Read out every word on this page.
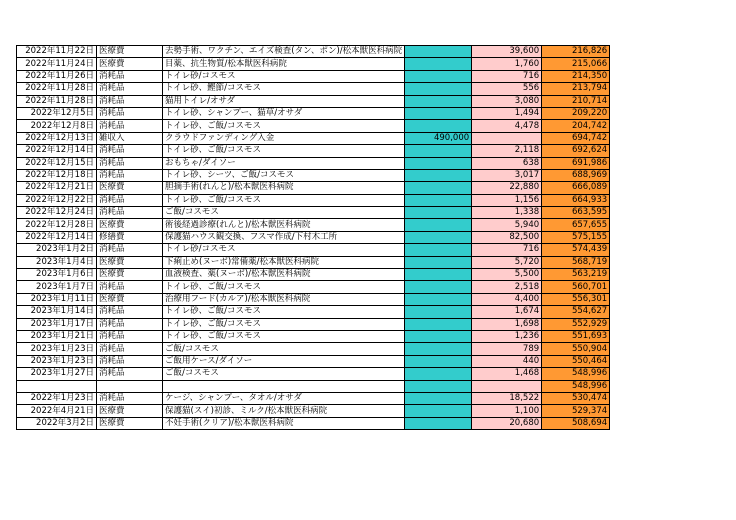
2022年11月22日	医療費	去勢手術、ワクチン、エイズ検査(タン、ポン)/松本獣医科病院		39,600	216,826
2022年11月24日	医療費	目薬、抗生物質/松本獣医科病院		1,760	215,066
2022年11月26日	消耗品	トイレ砂/コスモス		716	214,350
2022年11月28日	消耗品	トイレ砂、鰹節/コスモス		556	213,794
2022年11月28日	消耗品	猫用トイレ/オサダ		3,080	210,714
2022年12月5日	消耗品	トイレ砂、シャンプー、猫草/オサダ		1,494	209,220
2022年12月8日	消耗品	トイレ砂、ご飯/コスモス		4,478	204,742
2022年12月13日	雑収入	クラウドファンディング入金	490,000		694,742
2022年12月14日	消耗品	トイレ砂、ご飯/コスモス		2,118	692,624
2022年12月15日	消耗品	おもちゃ/ダイソー		638	691,986
2022年12月18日	消耗品	トイレ砂、シーツ、ご飯/コスモス		3,017	688,969
2022年12月21日	医療費	胆摘手術(れんと)/松本獣医科病院		22,880	666,089
2022年12月22日	消耗品	トイレ砂、ご飯/コスモス		1,156	664,933
2022年12月24日	消耗品	ご飯/コスモス		1,338	663,595
2022年12月28日	医療費	術後経過診療(れんと)/松本獣医科病院		5,940	657,655
2022年12月14日	修繕費	保護猫ハウス観交換、フスマ作成/下村木工所		82,500	575,155
2023年1月2日	消耗品	トイレ砂/コスモス		716	574,439
2023年1月4日	医療費	下痢止め(ヌーボ)常備薬/松本獣医科病院		5,720	568,719
2023年1月6日	医療費	血液検査、薬(ヌーボ)/松本獣医科病院		5,500	563,219
2023年1月7日	消耗品	トイレ砂、ご飯/コスモス		2,518	560,701
2023年1月11日	医療費	治療用フード(カルア)/松本獣医科病院		4,400	556,301
2023年1月14日	消耗品	トイレ砂、ご飯/コスモス		1,674	554,627
2023年1月17日	消耗品	トイレ砂、ご飯/コスモス		1,698	552,929
2023年1月21日	消耗品	トイレ砂、ご飯/コスモス		1,236	551,693
2023年1月23日	消耗品	ご飯/コスモス		789	550,904
2023年1月23日	消耗品	ご飯用ケース/ダイソー		440	550,464
2023年1月27日	消耗品	ご飯/コスモス		1,468	548,996
					548,996
2022年1月23日	消耗品	ケージ、シャンプー、タオル/オサダ		18,522	530,474
2022年4月21日	医療費	保護猫(スイ)初診、ミルク/松本獣医科病院		1,100	529,374
2022年3月2日	医療費	不妊手術(クリア)/松本獣医科病院		20,680	508,694
